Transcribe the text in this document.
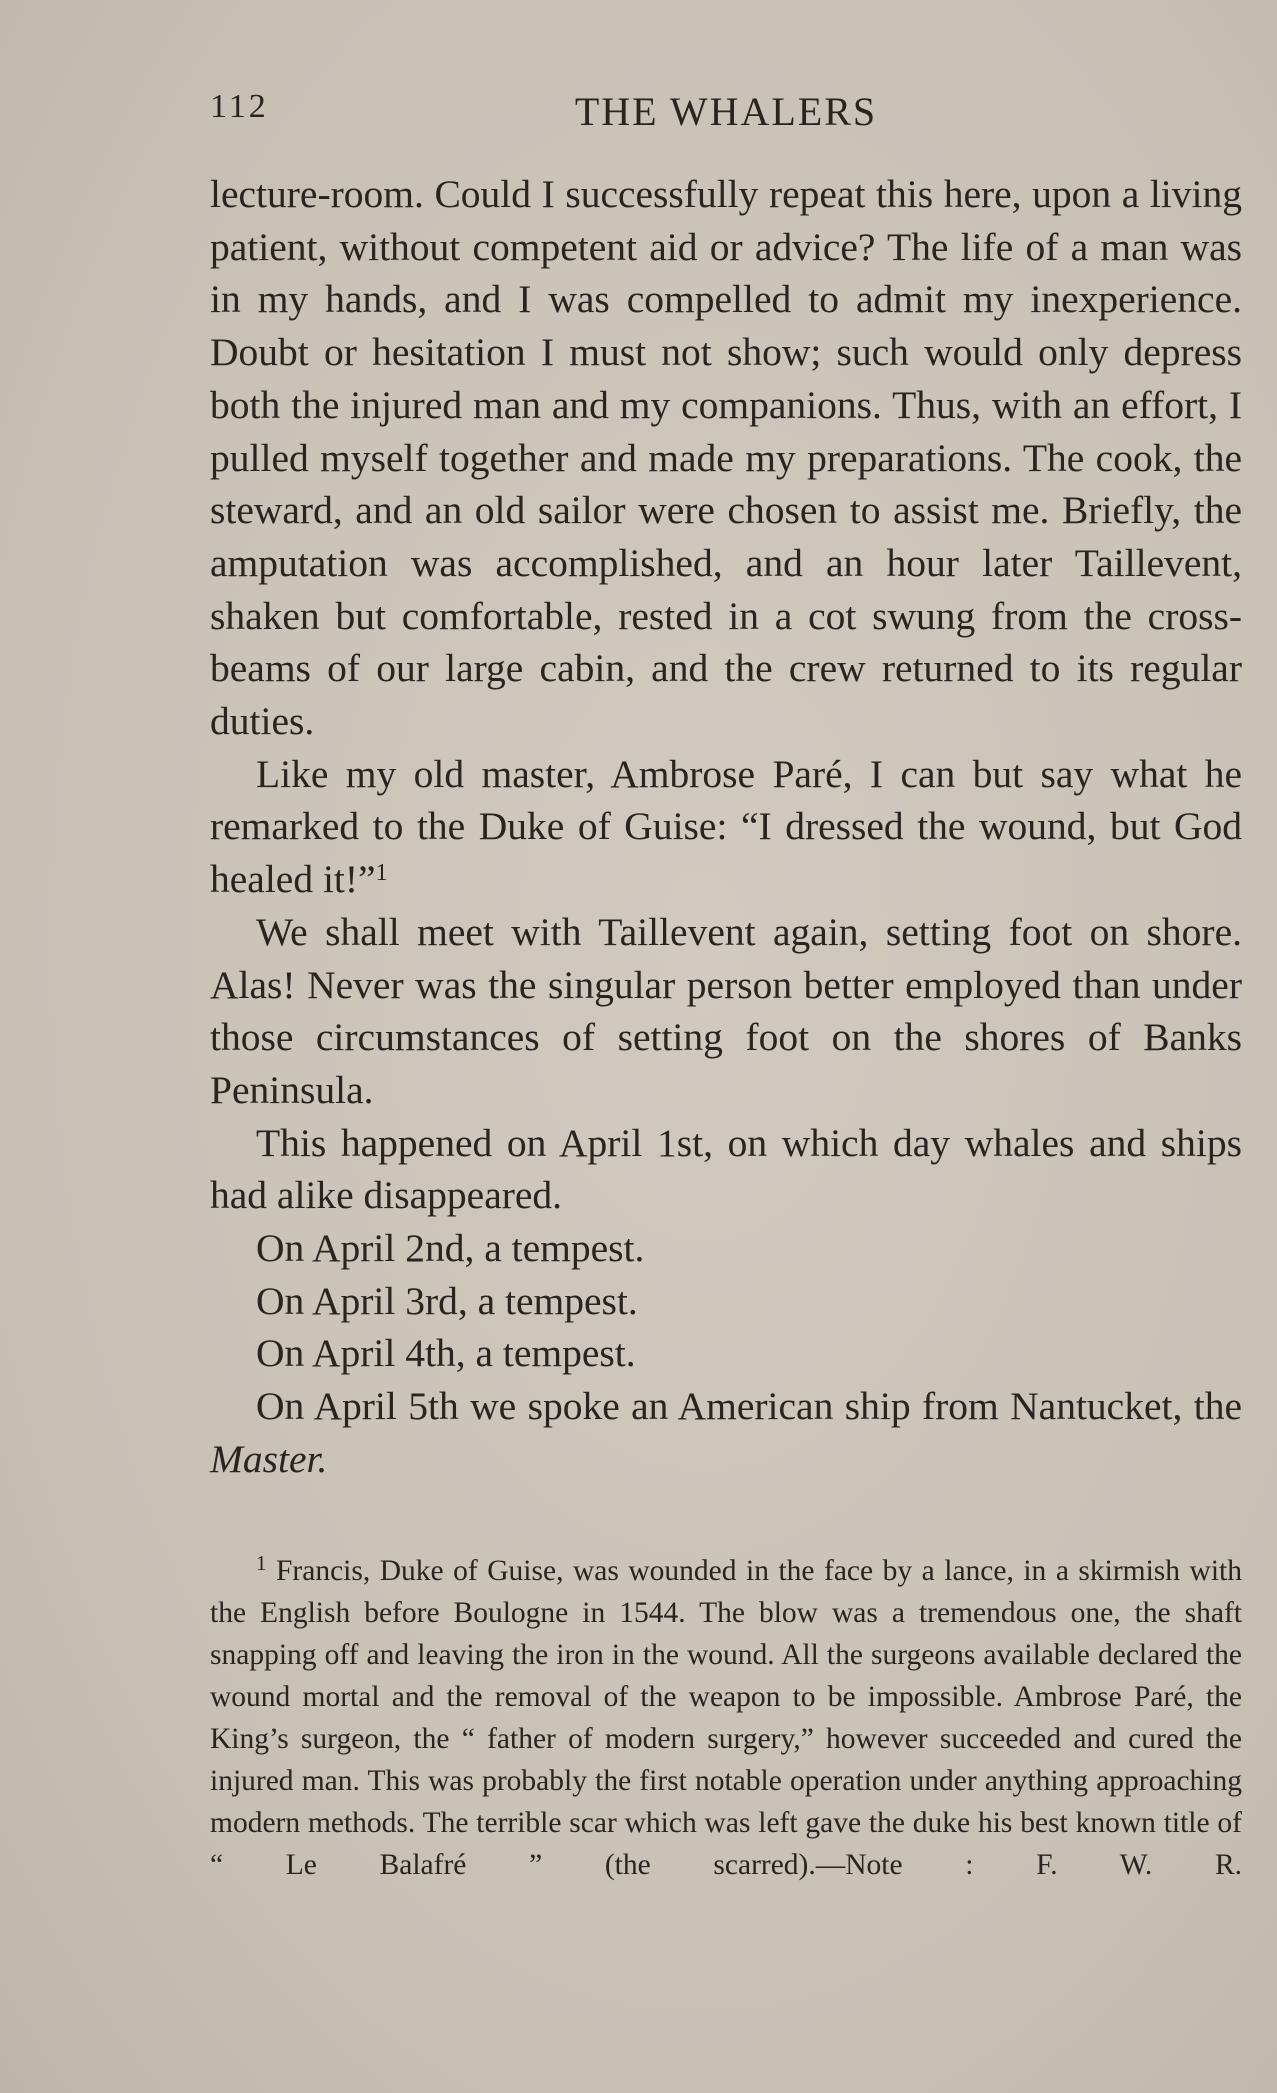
112	THE WHALERS

lecture-room. Could I successfully repeat this here, upon a living patient, without competent aid or advice? The life of a man was in my hands, and I was compelled to admit my inexperience. Doubt or hesitation I must not show; such would only depress both the injured man and my companions. Thus, with an effort, I pulled myself together and made my preparations. The cook, the steward, and an old sailor were chosen to assist me. Briefly, the amputation was accomplished, and an hour later Taillevent, shaken but comfortable, rested in a cot swung from the cross-beams of our large cabin, and the crew returned to its regular duties.

Like my old master, Ambrose Paré, I can but say what he remarked to the Duke of Guise: “I dressed the wound, but God healed it!”$^1$

We shall meet with Taillevent again, setting foot on shore. Alas! Never was the singular person better employed than under those circumstances of setting foot on the shores of Banks Peninsula.

This happened on April 1st, on which day whales and ships had alike disappeared.

On April 2nd, a tempest.

On April 3rd, a tempest.

On April 4th, a tempest.

On April 5th we spoke an American ship from Nantucket, the Master.

$^1$ Francis, Duke of Guise, was wounded in the face by a lance, in a skirmish with the English before Boulogne in 1544. The blow was a tremendous one, the shaft snapping off and leaving the iron in the wound. All the surgeons available declared the wound mortal and the removal of the weapon to be impossible. Ambrose Paré, the King’s surgeon, the “ father of modern surgery,” however succeeded and cured the injured man. This was probably the first notable operation under anything approaching modern methods. The terrible scar which was left gave the duke his best known title of “ Le Balafré ” (the scarred).—Note : F. W. R.
